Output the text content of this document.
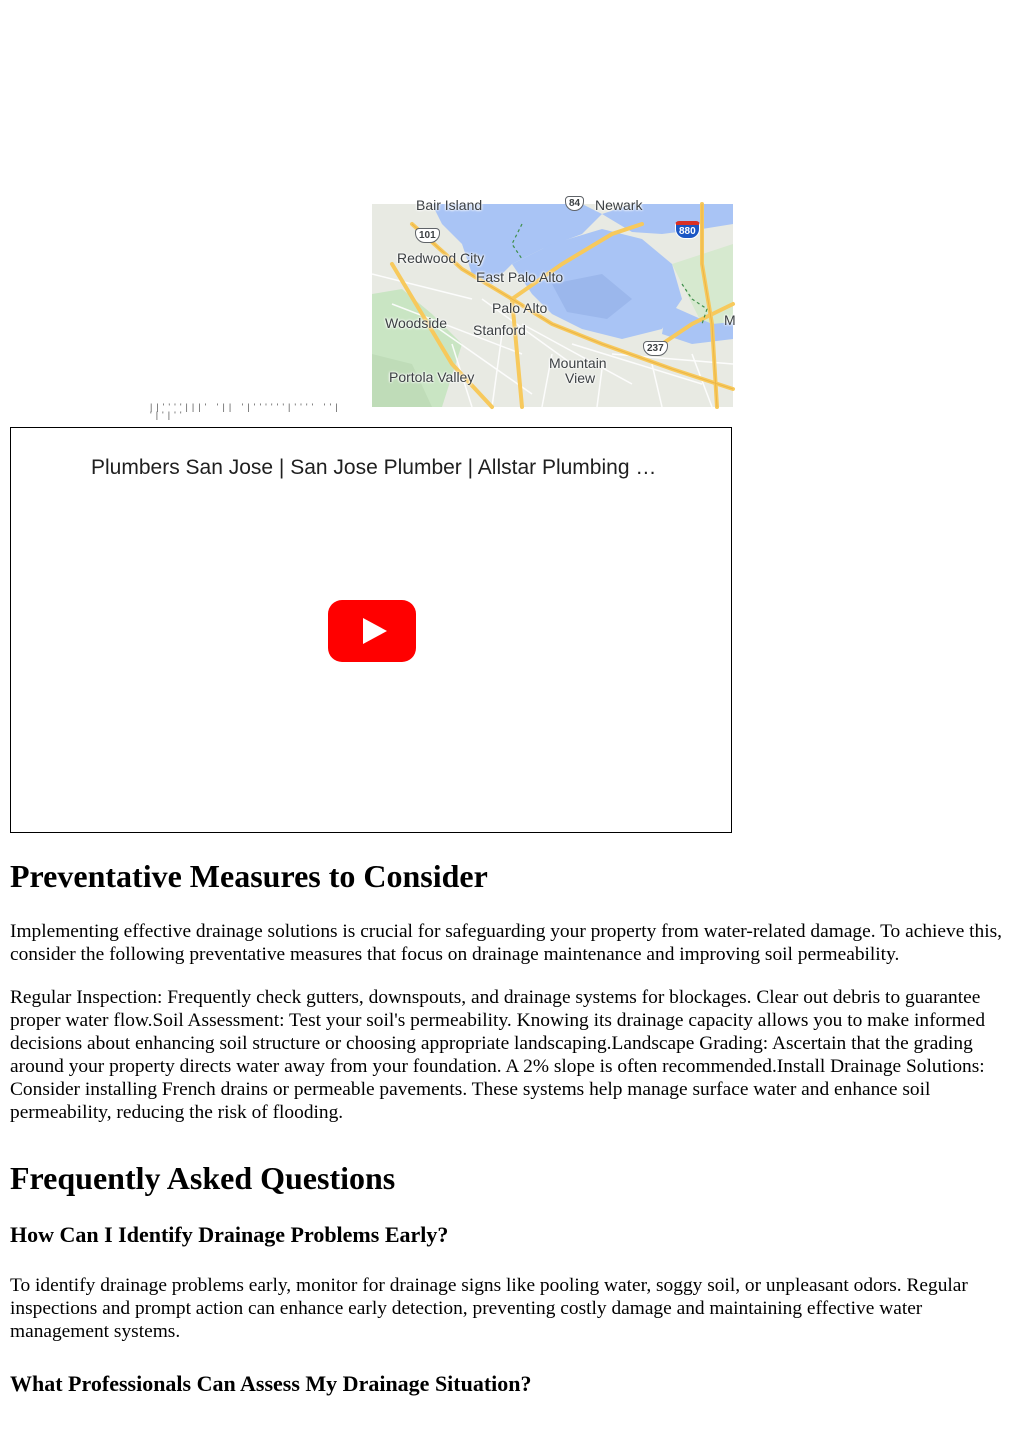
Bair Island	Newark
Redwood City
East Palo Alto
Palo Alto
Woodside Stanford
Mountain
View
Portola Valley
M
101	880
237
84
||''''|||' '|| '|''''''|'''' ''| '|'|''
Plumbers San Jose | San Jose Plumber | Allstar Plumbing …
Preventative Measures to Consider

Implementing effective drainage solutions is crucial for safeguarding your property from water-related damage. To achieve this, consider the following preventative measures that focus on drainage maintenance and improving soil permeability.

Regular Inspection: Frequently check gutters, downspouts, and drainage systems for blockages. Clear out debris to guarantee proper water flow.Soil Assessment: Test your soil's permeability. Knowing its drainage capacity allows you to make informed decisions about enhancing soil structure or choosing appropriate landscaping.Landscape Grading: Ascertain that the grading around your property directs water away from your foundation. A 2% slope is often recommended.Install Drainage Solutions: Consider installing French drains or permeable pavements. These systems help manage surface water and enhance soil permeability, reducing the risk of flooding.

Frequently Asked Questions
How Can I Identify Drainage Problems Early?

To identify drainage problems early, monitor for drainage signs like pooling water, soggy soil, or unpleasant odors. Regular inspections and prompt action can enhance early detection, preventing costly damage and maintaining effective water management systems.

What Professionals Can Assess My Drainage Situation?
